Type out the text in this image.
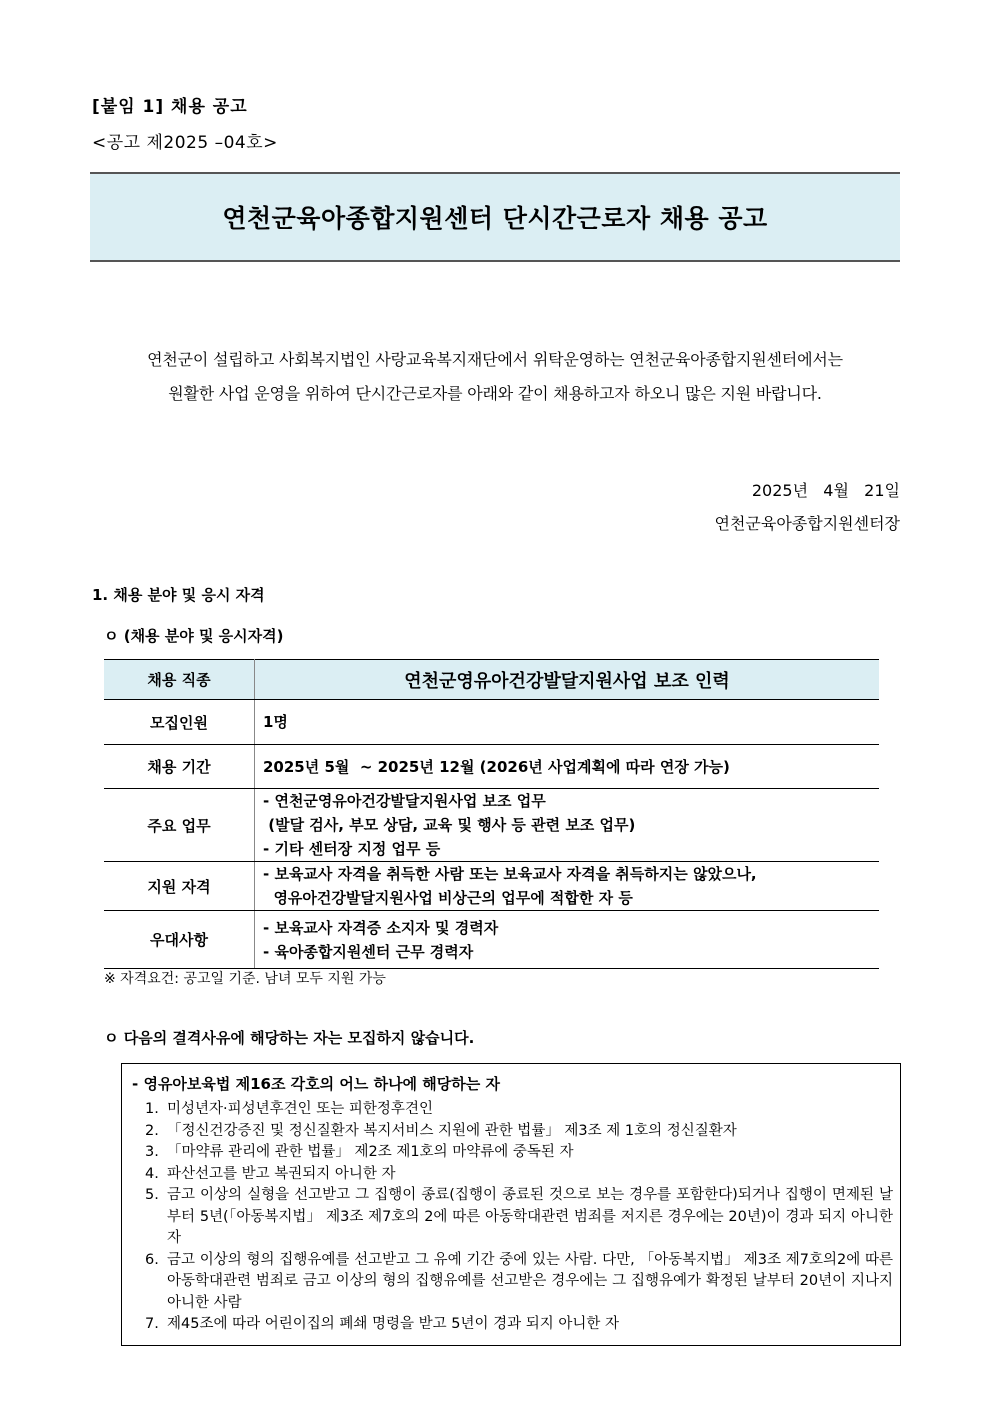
[붙임 1] 채용 공고
<공고 제2025 –04호>
연천군육아종합지원센터 단시간근로자 채용 공고
연천군이 설립하고 사회복지법인 사랑교육복지재단에서 위탁운영하는 연천군육아종합지원센터에서는
원활한 사업 운영을 위하여 단시간근로자를 아래와 같이 채용하고자 하오니 많은 지원 바랍니다.
2025년   4월   21일
연천군육아종합지원센터장
1. 채용 분야 및 응시 자격
ㅇ (채용 분야 및 응시자격)
채용 직종	연천군영유아건강발달지원사업 보조 인력
모집인원	1명

채용 기간	2025년 5월  ~ 2025년 12월 (2026년 사업계획에 따라 연장 가능)

주요 업무	- 연천군영유아건강발달지원사업 보조 업무
(발달 검사, 부모 상담, 교육 및 행사 등 관련 보조 업무)
- 기타 센터장 지정 업무 등

지원 자격	- 보육교사 자격을 취득한 사람 또는 보육교사 자격을 취득하지는 않았으나,
영유아건강발달지원사업 비상근의 업무에 적합한 자 등

우대사항	- 보육교사 자격증 소지자 및 경력자
- 육아종합지원센터 근무 경력자
※ 자격요건: 공고일 기준. 남녀 모두 지원 가능
ㅇ 다음의 결격사유에 해당하는 자는 모집하지 않습니다.
- 영유아보육법 제16조 각호의 어느 하나에 해당하는 자
1. 미성년자·피성년후견인 또는 피한정후견인
2. 「정신건강증진 및 정신질환자 복지서비스 지원에 관한 법률」 제3조 제 1호의 정신질환자
3. 「마약류 관리에 관한 법률」 제2조 제1호의 마약류에 중독된 자
4. 파산선고를 받고 복권되지 아니한 자
5. 금고 이상의 실형을 선고받고 그 집행이 종료(집행이 종료된 것으로 보는 경우를 포함한다)되거나 집행이 면제된 날부터 5년(「아동복지법」 제3조 제7호의 2에 따른 아동학대관련 범죄를 저지른 경우에는 20년)이 경과 되지 아니한 자
6. 금고 이상의 형의 집행유예를 선고받고 그 유예 기간 중에 있는 사람. 다만, 「아동복지법」 제3조 제7호의2에 따른 아동학대관련 범죄로 금고 이상의 형의 집행유예를 선고받은 경우에는 그 집행유예가 확정된 날부터 20년이 지나지 아니한 사람
7. 제45조에 따라 어린이집의 폐쇄 명령을 받고 5년이 경과 되지 아니한 자
